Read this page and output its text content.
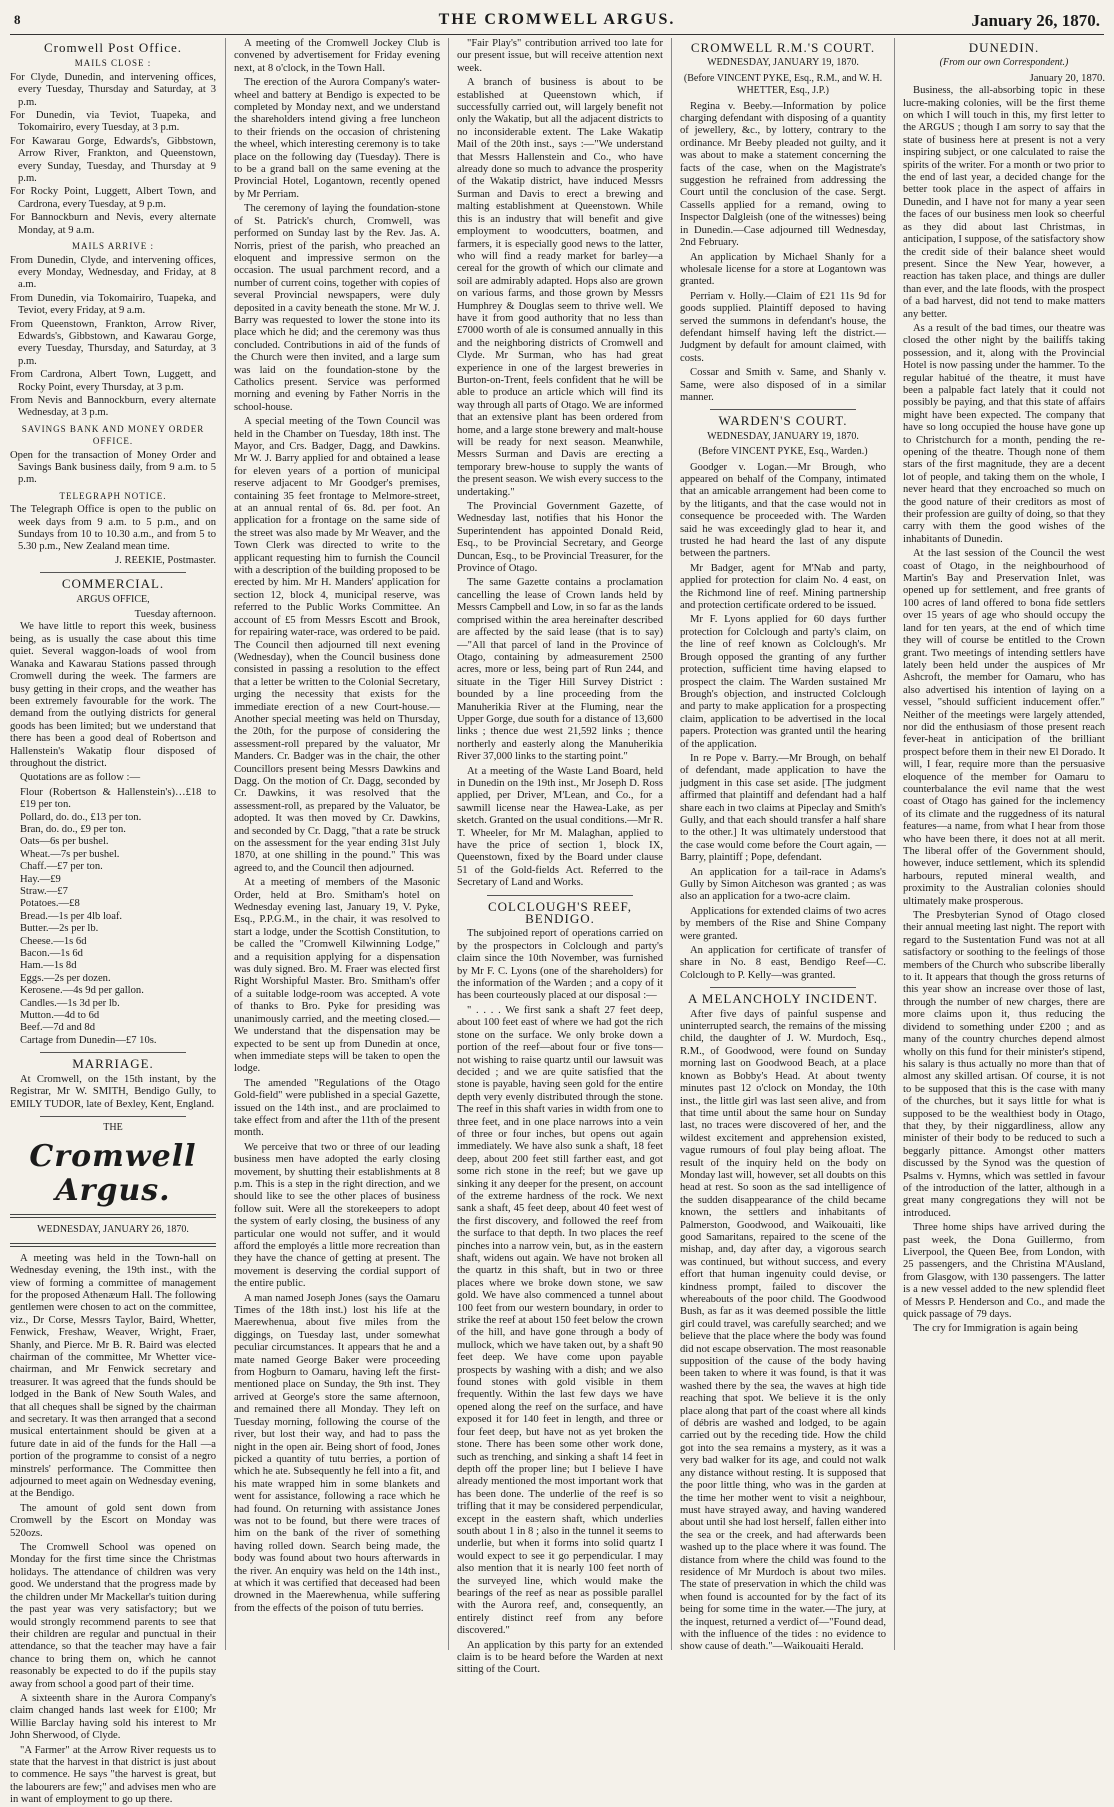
8	THE CROMWELL ARGUS.	January 26, 1870.
Cromwell Post Office.
MAILS CLOSE :

For Clyde, Dunedin, and intervening offices, every Tuesday, Thursday and Saturday, at 3 p.m.

For Dunedin, via Teviot, Tuapeka, and Tokomairiro, every Tuesday, at 3 p.m.

For Kawarau Gorge, Edwards's, Gibbstown, Arrow River, Frankton, and Queenstown, every Sunday, Tuesday, and Thursday at 9 p.m.

For Rocky Point, Luggett, Albert Town, and Cardrona, every Tuesday, at 9 p.m.

For Bannockburn and Nevis, every alternate Monday, at 9 a.m.

MAILS ARRIVE :

From Dunedin, Clyde, and intervening offices, every Monday, Wednesday, and Friday, at 8 a.m.

From Dunedin, via Tokomairiro, Tuapeka, and Teviot, every Friday, at 9 a.m.

From Queenstown, Frankton, Arrow River, Edwards's, Gibbstown, and Kawarau Gorge, every Tuesday, Thursday, and Saturday, at 3 p.m.

From Cardrona, Albert Town, Luggett, and Rocky Point, every Thursday, at 3 p.m.

From Nevis and Bannockburn, every alternate Wednesday, at 3 p.m.

SAVINGS BANK AND MONEY ORDER OFFICE.

Open for the transaction of Money Order and Savings Bank business daily, from 9 a.m. to 5 p.m.

TELEGRAPH NOTICE.

The Telegraph Office is open to the public on week days from 9 a.m. to 5 p.m., and on Sundays from 10 to 10.30 a.m., and from 5 to 5.30 p.m., New Zealand mean time.

J. REEKIE, Postmaster.
COMMERCIAL.
ARGUS OFFICE,
Tuesday afternoon.

We have little to report this week, business being, as is usually the case about this time quiet. Several waggon-loads of wool from Wanaka and Kawarau Stations passed through Cromwell during the week. The farmers are busy getting in their crops, and the weather has been extremely favourable for the work. The demand from the outlying districts for general goods has been limited; but we understand that there has been a good deal of Robertson and Hallenstein's Wakatip flour disposed of throughout the district.

Quotations are as follow :—

Flour (Robertson & Hallenstein's)…£18 to £19 per ton.

Pollard, do. do., £13 per ton.

Bran, do. do., £9 per ton.

Oats—6s per bushel.

Wheat.—7s per bushel.

Chaff.—£7 per ton.

Hay.—£9

Straw.—£7

Potatoes.—£8

Bread.—1s per 4lb loaf.

Butter.—2s per lb.

Cheese.—1s 6d

Bacon.—1s 6d

Ham.—1s 8d

Eggs.—2s per dozen.

Kerosene.—4s 9d per gallon.

Candles.—1s 3d per lb.

Mutton.—4d to 6d

Beef.—7d and 8d

Cartage from Dunedin—£7 10s.

MARRIAGE.

At Cromwell, on the 15th instant, by the Registrar, Mr W. SMITH, Bendigo Gully, to EMILY TUDOR, late of Bexley, Kent, England.

THE
Cromwell Argus.
WEDNESDAY, JANUARY 26, 1870.

A meeting was held in the Town-hall on Wednesday evening, the 19th inst., with the view of forming a committee of management for the proposed Athenæum Hall. The following gentlemen were chosen to act on the committee, viz., Dr Corse, Messrs Taylor, Baird, Whetter, Fenwick, Freshaw, Weaver, Wright, Fraer, Shanly, and Pierce. Mr B. R. Baird was elected chairman of the committee, Mr Whetter vice-chairman, and Mr Fenwick secretary and treasurer. It was agreed that the funds should be lodged in the Bank of New South Wales, and that all cheques shall be signed by the chairman and secretary. It was then arranged that a second musical entertainment should be given at a future date in aid of the funds for the Hall —a portion of the programme to consist of a negro minstrels' performance. The Committee then adjourned to meet again on Wednesday evening, at the Bendigo.

The amount of gold sent down from Cromwell by the Escort on Monday was 520ozs.

The Cromwell School was opened on Monday for the first time since the Christmas holidays. The attendance of children was very good. We understand that the progress made by the children under Mr Mackellar's tuition during the past year was very satisfactory; but we would strongly recommend parents to see that their children are regular and punctual in their attendance, so that the teacher may have a fair chance to bring them on, which he cannot reasonably be expected to do if the pupils stay away from school a good part of their time.

A sixteenth share in the Aurora Company's claim changed hands last week for £100; Mr Willie Barclay having sold his interest to Mr John Sherwood, of Clyde.

"A Farmer" at the Arrow River requests us to state that the harvest in that district is just about to commence. He says "the harvest is great, but the labourers are few;" and advises men who are in want of employment to go up there.

A meeting of the Cromwell Jockey Club is convened by advertisement for Friday evening next, at 8 o'clock, in the Town Hall.

The erection of the Aurora Company's water-wheel and battery at Bendigo is expected to be completed by Monday next, and we understand the shareholders intend giving a free luncheon to their friends on the occasion of christening the wheel, which interesting ceremony is to take place on the following day (Tuesday). There is to be a grand ball on the same evening at the Provincial Hotel, Logantown, recently opened by Mr Perriam.

The ceremony of laying the foundation-stone of St. Patrick's church, Cromwell, was performed on Sunday last by the Rev. Jas. A. Norris, priest of the parish, who preached an eloquent and impressive sermon on the occasion. The usual parchment record, and a number of current coins, together with copies of several Provincial newspapers, were duly deposited in a cavity beneath the stone. Mr W. J. Barry was requested to lower the stone into its place which he did; and the ceremony was thus concluded. Contributions in aid of the funds of the Church were then invited, and a large sum was laid on the foundation-stone by the Catholics present. Service was performed morning and evening by Father Norris in the school-house.

A special meeting of the Town Council was held in the Chamber on Tuesday, 18th inst. The Mayor, and Crs. Badger, Dagg, and Dawkins. Mr W. J. Barry applied for and obtained a lease for eleven years of a portion of municipal reserve adjacent to Mr Goodger's premises, containing 35 feet frontage to Melmore-street, at an annual rental of 6s. 8d. per foot. An application for a frontage on the same side of the street was also made by Mr Weaver, and the Town Clerk was directed to write to the applicant requesting him to furnish the Council with a description of the building proposed to be erected by him. Mr H. Manders' application for section 12, block 4, municipal reserve, was referred to the Public Works Committee. An account of £5 from Messrs Escott and Brook, for repairing water-race, was ordered to be paid. The Council then adjourned till next evening (Wednesday), when the Council business done consisted in passing a resolution to the effect that a letter be written to the Colonial Secretary, urging the necessity that exists for the immediate erection of a new Court-house.—Another special meeting was held on Thursday, the 20th, for the purpose of considering the assessment-roll prepared by the valuator, Mr Manders. Cr. Badger was in the chair, the other Councillors present being Messrs Dawkins and Dagg. On the motion of Cr. Dagg, seconded by Cr. Dawkins, it was resolved that the assessment-roll, as prepared by the Valuator, be adopted. It was then moved by Cr. Dawkins, and seconded by Cr. Dagg, "that a rate be struck on the assessment for the year ending 31st July 1870, at one shilling in the pound." This was agreed to, and the Council then adjourned.

At a meeting of members of the Masonic Order, held at Bro. Smitham's hotel on Wednesday evening last, January 19, V. Pyke, Esq., P.P.G.M., in the chair, it was resolved to start a lodge, under the Scottish Constitution, to be called the "Cromwell Kilwinning Lodge," and a requisition applying for a dispensation was duly signed. Bro. M. Fraer was elected first Right Worshipful Master. Bro. Smitham's offer of a suitable lodge-room was accepted. A vote of thanks to Bro. Pyke for presiding was unanimously carried, and the meeting closed.—We understand that the dispensation may be expected to be sent up from Dunedin at once, when immediate steps will be taken to open the lodge.

The amended "Regulations of the Otago Gold-field" were published in a special Gazette, issued on the 14th inst., and are proclaimed to take effect from and after the 11th of the present month.

We perceive that two or three of our leading business men have adopted the early closing movement, by shutting their establishments at 8 p.m. This is a step in the right direction, and we should like to see the other places of business follow suit. Were all the storekeepers to adopt the system of early closing, the business of any particular one would not suffer, and it would afford the employés a little more recreation than they have the chance of getting at present. The movement is deserving the cordial support of the entire public.

A man named Joseph Jones (says the Oamaru Times of the 18th inst.) lost his life at the Maerewhenua, about five miles from the diggings, on Tuesday last, under somewhat peculiar circumstances. It appears that he and a mate named George Baker were proceeding from Hogburn to Oamaru, having left the first-mentioned place on Sunday, the 9th inst. They arrived at George's store the same afternoon, and remained there all Monday. They left on Tuesday morning, following the course of the river, but lost their way, and had to pass the night in the open air. Being short of food, Jones picked a quantity of tutu berries, a portion of which he ate. Subsequently he fell into a fit, and his mate wrapped him in some blankets and went for assistance, following a race which he had found. On returning with assistance Jones was not to be found, but there were traces of him on the bank of the river of something having rolled down. Search being made, the body was found about two hours afterwards in the river. An enquiry was held on the 14th inst., at which it was certified that deceased had been drowned in the Maerewhenua, while suffering from the effects of the poison of tutu berries.

"Fair Play's" contribution arrived too late for our present issue, but will receive attention next week.

A branch of business is about to be established at Queenstown which, if successfully carried out, will largely benefit not only the Wakatip, but all the adjacent districts to no inconsiderable extent. The Lake Wakatip Mail of the 20th inst., says :—"We understand that Messrs Hallenstein and Co., who have already done so much to advance the prosperity of the Wakatip district, have induced Messrs Surman and Davis to erect a brewing and malting establishment at Queenstown. While this is an industry that will benefit and give employment to woodcutters, boatmen, and farmers, it is especially good news to the latter, who will find a ready market for barley—a cereal for the growth of which our climate and soil are admirably adapted. Hops also are grown on various farms, and those grown by Messrs Humphrey & Douglas seem to thrive well. We have it from good authority that no less than £7000 worth of ale is consumed annually in this and the neighboring districts of Cromwell and Clyde. Mr Surman, who has had great experience in one of the largest breweries in Burton-on-Trent, feels confident that he will be able to produce an article which will find its way through all parts of Otago. We are informed that an extensive plant has been ordered from home, and a large stone brewery and malt-house will be ready for next season. Meanwhile, Messrs Surman and Davis are erecting a temporary brew-house to supply the wants of the present season. We wish every success to the undertaking."

The Provincial Government Gazette, of Wednesday last, notifies that his Honor the Superintendent has appointed Donald Reid, Esq., to be Provincial Secretary, and George Duncan, Esq., to be Provincial Treasurer, for the Province of Otago.

The same Gazette contains a proclamation cancelling the lease of Crown lands held by Messrs Campbell and Low, in so far as the lands comprised within the area hereinafter described are affected by the said lease (that is to say)—"All that parcel of land in the Province of Otago, containing by admeasurement 2500 acres, more or less, being part of Run 244, and situate in the Tiger Hill Survey District : bounded by a line proceeding from the Manuherikia River at the Fluming, near the Upper Gorge, due south for a distance of 13,600 links ; thence due west 21,592 links ; thence northerly and easterly along the Manuherikia River 37,000 links to the starting point."

At a meeting of the Waste Land Board, held in Dunedin on the 19th inst., Mr Joseph D. Ross applied, per Driver, M'Lean, and Co., for a sawmill license near the Hawea-Lake, as per sketch. Granted on the usual conditions.—Mr R. T. Wheeler, for Mr M. Malaghan, applied to have the price of section 1, block IX, Queenstown, fixed by the Board under clause 51 of the Gold-fields Act. Referred to the Secretary of Land and Works.

COLCLOUGH'S REEF, BENDIGO.

The subjoined report of operations carried on by the prospectors in Colclough and party's claim since the 10th November, was furnished by Mr F. C. Lyons (one of the shareholders) for the information of the Warden ; and a copy of it has been courteously placed at our disposal :—

" . . . . We first sank a shaft 27 feet deep, about 100 feet east of where we had got the rich stone on the surface. We only broke down a portion of the reef—about four or five tons—not wishing to raise quartz until our lawsuit was decided ; and we are quite satisfied that the stone is payable, having seen gold for the entire depth very evenly distributed through the stone. The reef in this shaft varies in width from one to three feet, and in one place narrows into a vein of three or four inches, but opens out again immediately. We have also sunk a shaft, 18 feet deep, about 200 feet still farther east, and got some rich stone in the reef; but we gave up sinking it any deeper for the present, on account of the extreme hardness of the rock. We next sank a shaft, 45 feet deep, about 40 feet west of the first discovery, and followed the reef from the surface to that depth. In two places the reef pinches into a narrow vein, but, as in the eastern shaft, widens out again. We have not broken all the quartz in this shaft, but in two or three places where we broke down stone, we saw gold. We have also commenced a tunnel about 100 feet from our western boundary, in order to strike the reef at about 150 feet below the crown of the hill, and have gone through a body of mullock, which we have taken out, by a shaft 90 feet deep. We have come upon payable prospects by washing with a dish; and we also found stones with gold visible in them frequently. Within the last few days we have opened along the reef on the surface, and have exposed it for 140 feet in length, and three or four feet deep, but have not as yet broken the stone. There has been some other work done, such as trenching, and sinking a shaft 14 feet in depth off the proper line; but I believe I have already mentioned the most important work that has been done. The underlie of the reef is so trifling that it may be considered perpendicular, except in the eastern shaft, which underlies south about 1 in 8 ; also in the tunnel it seems to underlie, but when it forms into solid quartz I would expect to see it go perpendicular. I may also mention that it is nearly 100 feet north of the surveyed line, which would make the bearings of the reef as near as possible parallel with the Aurora reef, and, consequently, an entirely distinct reef from any before discovered."

An application by this party for an extended claim is to be heard before the Warden at next sitting of the Court.

CROMWELL R.M.'S COURT.
WEDNESDAY, JANUARY 19, 1870.
(Before VINCENT PYKE, Esq., R.M., and W. H. WHETTER, Esq., J.P.)

Regina v. Beeby.—Information by police charging defendant with disposing of a quantity of jewellery, &c., by lottery, contrary to the ordinance. Mr Beeby pleaded not guilty, and it was about to make a statement concerning the facts of the case, when on the Magistrate's suggestion he refrained from addressing the Court until the conclusion of the case. Sergt. Cassells applied for a remand, owing to Inspector Dalgleish (one of the witnesses) being in Dunedin.—Case adjourned till Wednesday, 2nd February.

An application by Michael Shanly for a wholesale license for a store at Logantown was granted.

Perriam v. Holly.—Claim of £21 11s 9d for goods supplied. Plaintiff deposed to having served the summons in defendant's house, the defendant himself having left the district.—Judgment by default for amount claimed, with costs.

Cossar and Smith v. Same, and Shanly v. Same, were also disposed of in a similar manner.

WARDEN'S COURT.
WEDNESDAY, JANUARY 19, 1870.
(Before VINCENT PYKE, Esq., Warden.)

Goodger v. Logan.—Mr Brough, who appeared on behalf of the Company, intimated that an amicable arrangement had been come to by the litigants, and that the case would not in consequence be proceeded with. The Warden said he was exceedingly glad to hear it, and trusted he had heard the last of any dispute between the partners.

Mr Badger, agent for M'Nab and party, applied for protection for claim No. 4 east, on the Richmond line of reef. Mining partnership and protection certificate ordered to be issued.

Mr F. Lyons applied for 60 days further protection for Colclough and party's claim, on the line of reef known as Colclough's. Mr Brough opposed the granting of any further protection, sufficient time having elapsed to prospect the claim. The Warden sustained Mr Brough's objection, and instructed Colclough and party to make application for a prospecting claim, application to be advertised in the local papers. Protection was granted until the hearing of the application.

In re Pope v. Barry.—Mr Brough, on behalf of defendant, made application to have the judgment in this case set aside. [The judgment affirmed that plaintiff and defendant had a half share each in two claims at Pipeclay and Smith's Gully, and that each should transfer a half share to the other.] It was ultimately understood that the case would come before the Court again, —Barry, plaintiff ; Pope, defendant.

An application for a tail-race in Adams's Gully by Simon Aitcheson was granted ; as was also an application for a two-acre claim.

Applications for extended claims of two acres by members of the Rise and Shine Company were granted.

An application for certificate of transfer of share in No. 8 east, Bendigo Reef—C. Colclough to P. Kelly—was granted.

A MELANCHOLY INCIDENT.

After five days of painful suspense and uninterrupted search, the remains of the missing child, the daughter of J. W. Murdoch, Esq., R.M., of Goodwood, were found on Sunday morning last on Goodwood Beach, at a place known as Bobby's Head. At about twenty minutes past 12 o'clock on Monday, the 10th inst., the little girl was last seen alive, and from that time until about the same hour on Sunday last, no traces were discovered of her, and the wildest excitement and apprehension existed, vague rumours of foul play being afloat. The result of the inquiry held on the body on Monday last will, however, set all doubts on this head at rest. So soon as the sad intelligence of the sudden disappearance of the child became known, the settlers and inhabitants of Palmerston, Goodwood, and Waikouaiti, like good Samaritans, repaired to the scene of the mishap, and, day after day, a vigorous search was continued, but without success, and every effort that human ingenuity could devise, or kindness prompt, failed to discover the whereabouts of the poor child. The Goodwood Bush, as far as it was deemed possible the little girl could travel, was carefully searched; and we believe that the place where the body was found did not escape observation. The most reasonable supposition of the cause of the body having been taken to where it was found, is that it was washed there by the sea, the waves at high tide reaching that spot. We believe it is the only place along that part of the coast where all kinds of débris are washed and lodged, to be again carried out by the receding tide. How the child got into the sea remains a mystery, as it was a very bad walker for its age, and could not walk any distance without resting. It is supposed that the poor little thing, who was in the garden at the time her mother went to visit a neighbour, must have strayed away, and having wandered about until she had lost herself, fallen either into the sea or the creek, and had afterwards been washed up to the place where it was found. The distance from where the child was found to the residence of Mr Murdoch is about two miles. The state of preservation in which the child was when found is accounted for by the fact of its being for some time in the water.—The jury, at the inquest, returned a verdict of—"Found dead, with the influence of the tides : no evidence to show cause of death."—Waikouaiti Herald.

DUNEDIN.
(From our own Correspondent.)
January 20, 1870.

Business, the all-absorbing topic in these lucre-making colonies, will be the first theme on which I will touch in this, my first letter to the ARGUS ; though I am sorry to say that the state of business here at present is not a very inspiring subject, or one calculated to raise the spirits of the writer. For a month or two prior to the end of last year, a decided change for the better took place in the aspect of affairs in Dunedin, and I have not for many a year seen the faces of our business men look so cheerful as they did about last Christmas, in anticipation, I suppose, of the satisfactory show the credit side of their balance sheet would present. Since the New Year, however, a reaction has taken place, and things are duller than ever, and the late floods, with the prospect of a bad harvest, did not tend to make matters any better.

As a result of the bad times, our theatre was closed the other night by the bailiffs taking possession, and it, along with the Provincial Hotel is now passing under the hammer. To the regular habitué of the theatre, it must have been a palpable fact lately that it could not possibly be paying, and that this state of affairs might have been expected. The company that have so long occupied the house have gone up to Christchurch for a month, pending the re-opening of the theatre. Though none of them stars of the first magnitude, they are a decent lot of people, and taking them on the whole, I never heard that they encroached so much on the good nature of their creditors as most of their profession are guilty of doing, so that they carry with them the good wishes of the inhabitants of Dunedin.

At the last session of the Council the west coast of Otago, in the neighbourhood of Martin's Bay and Preservation Inlet, was opened up for settlement, and free grants of 100 acres of land offered to bona fide settlers over 15 years of age who should occupy the land for ten years, at the end of which time they will of course be entitled to the Crown grant. Two meetings of intending settlers have lately been held under the auspices of Mr Ashcroft, the member for Oamaru, who has also advertised his intention of laying on a vessel, "should sufficient inducement offer." Neither of the meetings were largely attended, nor did the enthusiasm of those present reach fever-heat in anticipation of the brilliant prospect before them in their new El Dorado. It will, I fear, require more than the persuasive eloquence of the member for Oamaru to counterbalance the evil name that the west coast of Otago has gained for the inclemency of its climate and the ruggedness of its natural features—a name, from what I hear from those who have been there, it does not at all merit. The liberal offer of the Government should, however, induce settlement, which its splendid harbours, reputed mineral wealth, and proximity to the Australian colonies should ultimately make prosperous.

The Presbyterian Synod of Otago closed their annual meeting last night. The report with regard to the Sustentation Fund was not at all satisfactory or soothing to the feelings of those members of the Church who subscribe liberally to it. It appears that though the gross returns of this year show an increase over those of last, through the number of new charges, there are more claims upon it, thus reducing the dividend to something under £200 ; and as many of the country churches depend almost wholly on this fund for their minister's stipend, his salary is thus actually no more than that of almost any skilled artisan. Of course, it is not to be supposed that this is the case with many of the churches, but it says little for what is supposed to be the wealthiest body in Otago, that they, by their niggardliness, allow any minister of their body to be reduced to such a beggarly pittance. Amongst other matters discussed by the Synod was the question of Psalms v. Hymns, which was settled in favour of the introduction of the latter, although in a great many congregations they will not be introduced.

Three home ships have arrived during the past week, the Dona Guillermo, from Liverpool, the Queen Bee, from London, with 25 passengers, and the Christina M'Ausland, from Glasgow, with 130 passengers. The latter is a new vessel added to the new splendid fleet of Messrs P. Henderson and Co., and made the quick passage of 79 days.

The cry for Immigration is again being
